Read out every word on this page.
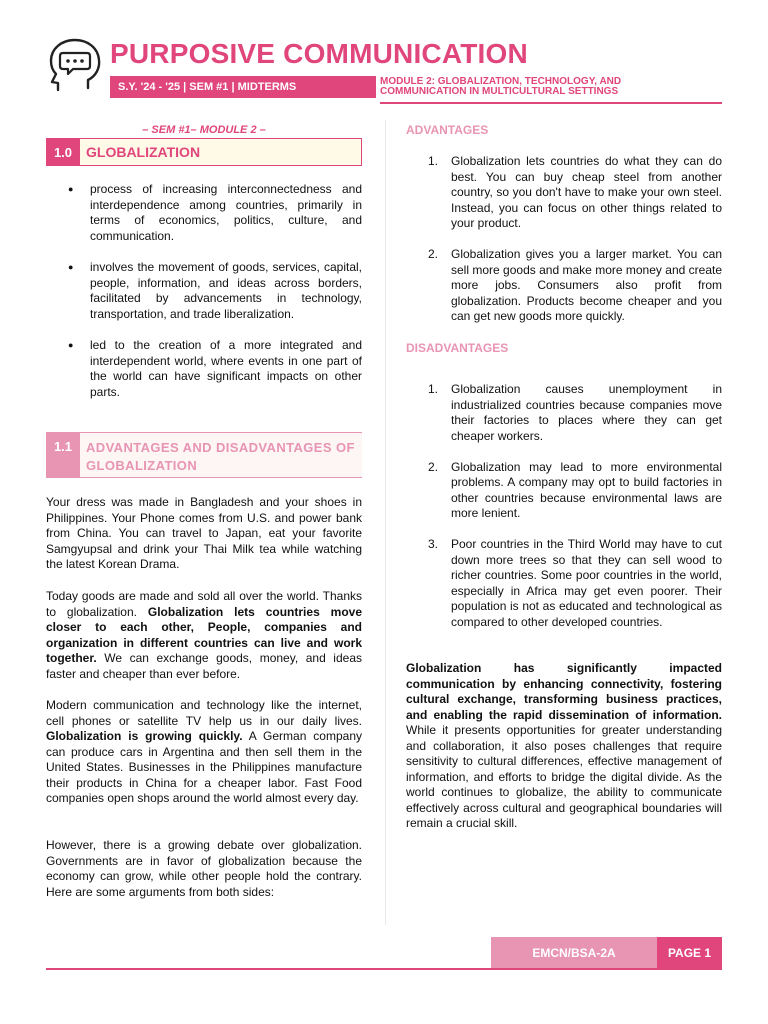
PURPOSIVE COMMUNICATION
S.Y. '24 - '25 | SEM #1 | MIDTERMS	MODULE 2: GLOBALIZATION, TECHNOLOGY, AND
COMMUNICATION IN MULTICULTURAL SETTINGS
– SEM #1– MODULE 2 –
1.0 GLOBALIZATION
● process of increasing interconnectedness and interdependence among countries, primarily in terms of economics, politics, culture, and communication.
● involves the movement of goods, services, capital, people, information, and ideas across borders, facilitated by advancements in technology, transportation, and trade liberalization.
● led to the creation of a more integrated and interdependent world, where events in one part of the world can have significant impacts on other parts.
1.1	ADVANTAGES AND DISADVANTAGES OF GLOBALIZATION
Your dress was made in Bangladesh and your shoes in Philippines. Your Phone comes from U.S. and power bank from China. You can travel to Japan, eat your favorite Samgyupsal and drink your Thai Milk tea while watching the latest Korean Drama.
Today goods are made and sold all over the world. Thanks to globalization. Globalization lets countries move closer to each other, People, companies and organization in different countries can live and work together. We can exchange goods, money, and ideas faster and cheaper than ever before.
Modern communication and technology like the internet, cell phones or satellite TV help us in our daily lives. Globalization is growing quickly. A German company can produce cars in Argentina and then sell them in the United States. Businesses in the Philippines manufacture their products in China for a cheaper labor. Fast Food companies open shops around the world almost every day.
However, there is a growing debate over globalization. Governments are in favor of globalization because the economy can grow, while other people hold the contrary. Here are some arguments from both sides:
ADVANTAGES
1. Globalization lets countries do what they can do best. You can buy cheap steel from another country, so you don't have to make your own steel. Instead, you can focus on other things related to your product.
2. Globalization gives you a larger market. You can sell more goods and make more money and create more jobs. Consumers also profit from globalization. Products become cheaper and you can get new goods more quickly.
DISADVANTAGES
1. Globalization causes unemployment in industrialized countries because companies move their factories to places where they can get cheaper workers.
2. Globalization may lead to more environmental problems. A company may opt to build factories in other countries because environmental laws are more lenient.
3. Poor countries in the Third World may have to cut down more trees so that they can sell wood to richer countries. Some poor countries in the world, especially in Africa may get even poorer. Their population is not as educated and technological as compared to other developed countries.
Globalization has significantly impacted communication by enhancing connectivity, fostering cultural exchange, transforming business practices, and enabling the rapid dissemination of information. While it presents opportunities for greater understanding and collaboration, it also poses challenges that require sensitivity to cultural differences, effective management of information, and efforts to bridge the digital divide. As the world continues to globalize, the ability to communicate effectively across cultural and geographical boundaries will remain a crucial skill.
EMCN/BSA-2A	PAGE 1
